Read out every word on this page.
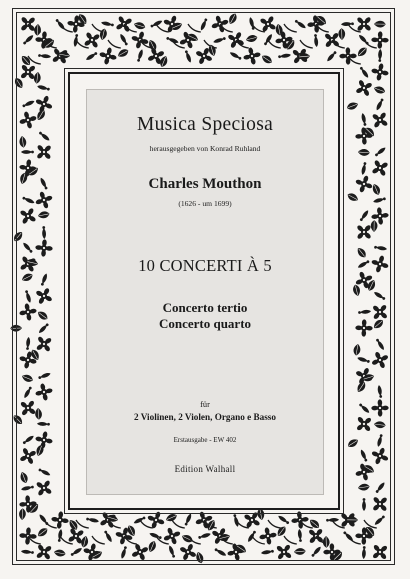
Musica Speciosa
herausgegeben von Konrad Ruhland
Charles Mouthon
(1626 - um 1699)
10 CONCERTI À 5
Concerto tertio
Concerto quarto
für
2 Violinen, 2 Violen, Organo e Basso
Erstausgabe - EW 402
Edition Walhall
